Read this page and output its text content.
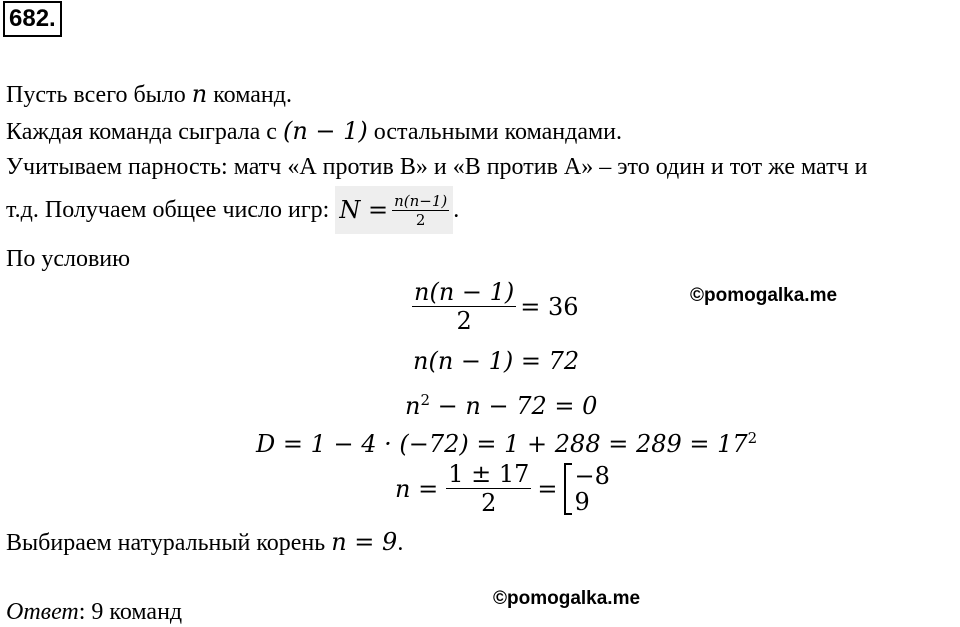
682.
Пусть всего было n команд.
Каждая команда сыграла с (n − 1) остальными командами.
Учитываем парность: матч «А против В» и «В против А» – это один и тот же матч и
т.д. Получаем общее число игр: $N = \frac{n(n-1)}{2}$ .
По условию
©pomogalka.me
$\frac{n(n - 1)}{2} = 36$
n(n − 1) = 72
$n^2 - n - 72 = 0$
$D = 1 - 4 \cdot (-72) = 1 + 288 = 289 = 17^2$
$n = \frac{1 \pm 17}{2} = -8$
9
Выбираем натуральный корень n = 9.
©pomogalka.me
Ответ: 9 команд
